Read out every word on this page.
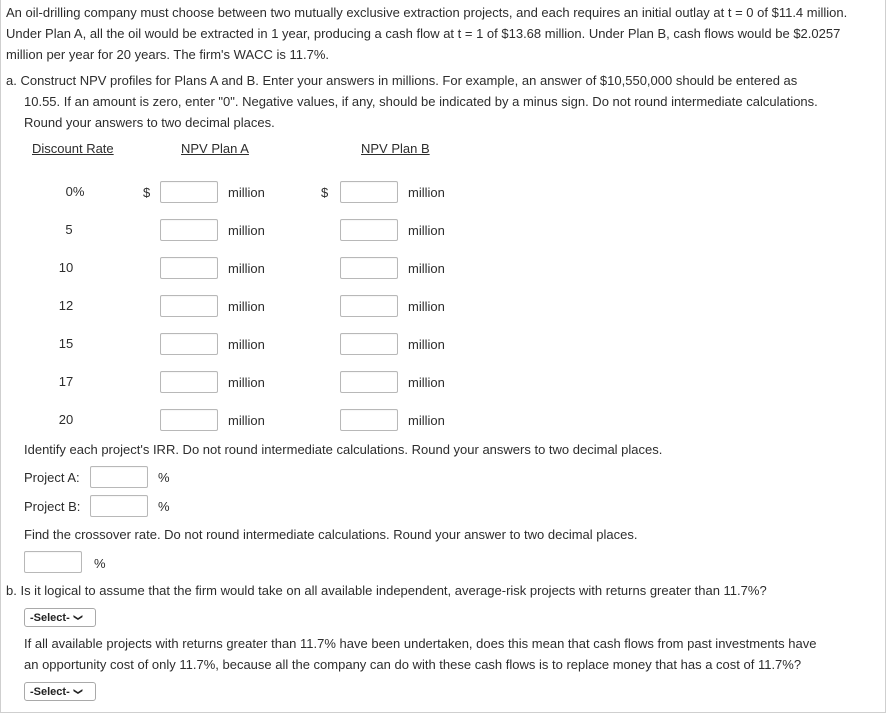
An oil-drilling company must choose between two mutually exclusive extraction projects, and each requires an initial outlay at t = 0 of $11.4 million. Under Plan A, all the oil would be extracted in 1 year, producing a cash flow at t = 1 of $13.68 million. Under Plan B, cash flows would be $2.0257 million per year for 20 years. The firm's WACC is 11.7%.

a. Construct NPV profiles for Plans A and B. Enter your answers in millions. For example, an answer of $10,550,000 should be entered as
10.55. If an amount is zero, enter "0". Negative values, if any, should be indicated by a minus sign. Do not round intermediate calculations.
Round your answers to two decimal places.
Discount Rate	NPV Plan A	NPV Plan B
0%	$	million	$	million
5	million	million
10	million	million
12	million	million
15	million	million
17	million	million
20	million	million

Identify each project's IRR. Do not round intermediate calculations. Round your answers to two decimal places.

Project A:	%
Project B:	%

Find the crossover rate. Do not round intermediate calculations. Round your answer to two decimal places.

%

b. Is it logical to assume that the firm would take on all available independent, average-risk projects with returns greater than 11.7%?

-Select- ❯
If all available projects with returns greater than 11.7% have been undertaken, does this mean that cash flows from past investments have
an opportunity cost of only 11.7%, because all the company can do with these cash flows is to replace money that has a cost of 11.7%?
-Select- ❯
